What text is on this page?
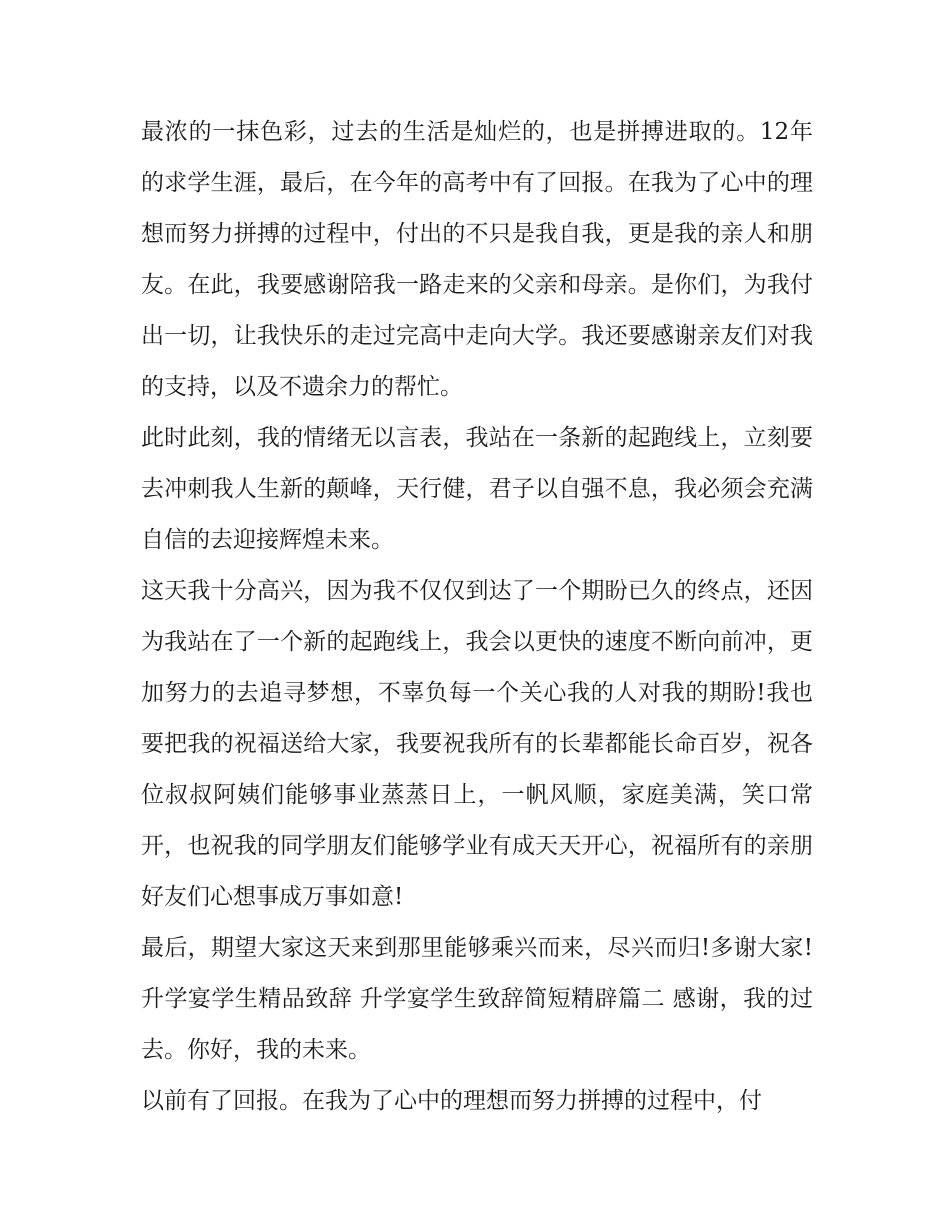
最浓的一抹色彩，过去的生活是灿烂的，也是拼搏进取的。12年的求学生涯，最后，在今年的高考中有了回报。在我为了心中的理想而努力拼搏的过程中，付出的不只是我自我，更是我的亲人和朋友。在此，我要感谢陪我一路走来的父亲和母亲。是你们，为我付出一切，让我快乐的走过完高中走向大学。我还要感谢亲友们对我的支持，以及不遗余力的帮忙。

此时此刻，我的情绪无以言表，我站在一条新的起跑线上，立刻要去冲刺我人生新的颠峰，天行健，君子以自强不息，我必须会充满自信的去迎接辉煌未来。

这天我十分高兴，因为我不仅仅到达了一个期盼已久的终点，还因为我站在了一个新的起跑线上，我会以更快的速度不断向前冲，更加努力的去追寻梦想，不辜负每一个关心我的人对我的期盼!我也要把我的祝福送给大家，我要祝我所有的长辈都能长命百岁，祝各位叔叔阿姨们能够事业蒸蒸日上，一帆风顺，家庭美满，笑口常开，也祝我的同学朋友们能够学业有成天天开心，祝福所有的亲朋好友们心想事成万事如意!

最后，期望大家这天来到那里能够乘兴而来，尽兴而归!多谢大家! 升学宴学生精品致辞 升学宴学生致辞简短精辟篇二 感谢，我的过去。你好，我的未来。

以前有了回报。在我为了心中的理想而努力拼搏的过程中，付
